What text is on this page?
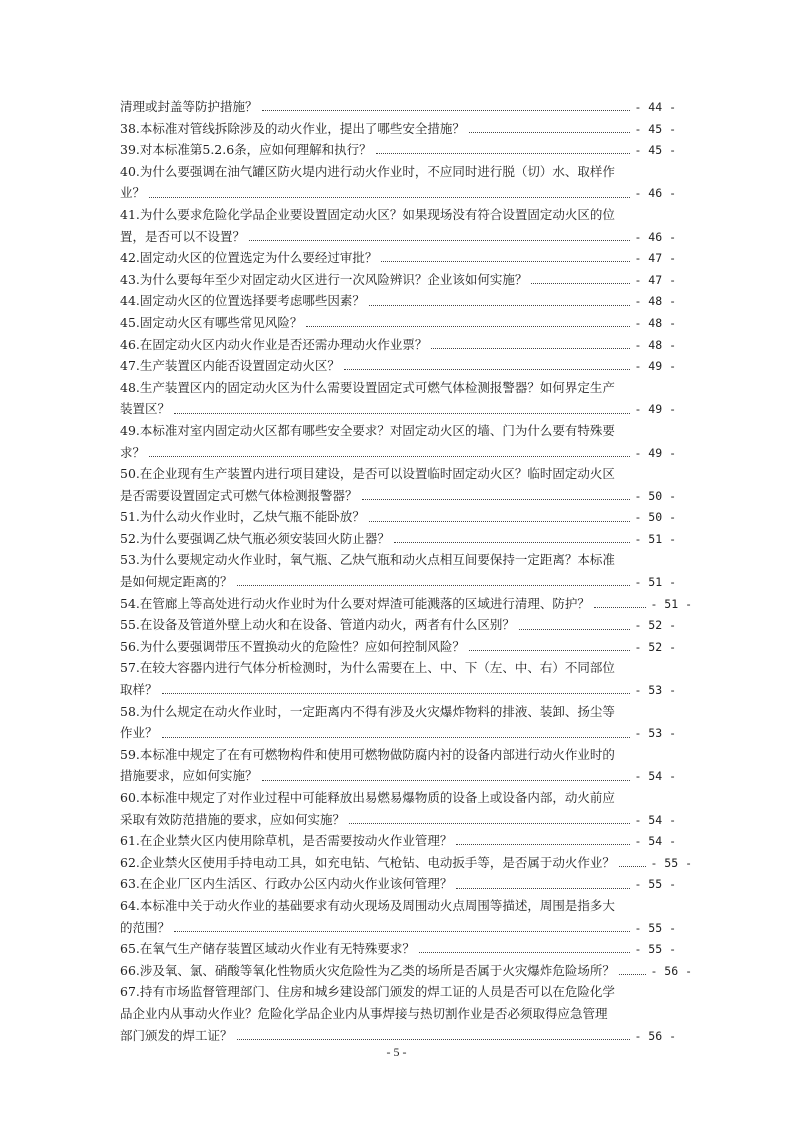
清理或封盖等防护措施？	- 44 -
38.本标准对管线拆除涉及的动火作业，提出了哪些安全措施？	- 45 -
39.对本标准第5.2.6条，应如何理解和执行？	- 45 -
40.为什么要强调在油气罐区防火堤内进行动火作业时，不应同时进行脱（切）水、取样作
业？	- 46 -
41.为什么要求危险化学品企业要设置固定动火区？如果现场没有符合设置固定动火区的位
置，是否可以不设置？	- 46 -
42.固定动火区的位置选定为什么要经过审批？	- 47 -
43.为什么要每年至少对固定动火区进行一次风险辨识？企业该如何实施？	- 47 -
44.固定动火区的位置选择要考虑哪些因素？	- 48 -
45.固定动火区有哪些常见风险？	- 48 -
46.在固定动火区内动火作业是否还需办理动火作业票？	- 48 -
47.生产装置区内能否设置固定动火区？	- 49 -
48.生产装置区内的固定动火区为什么需要设置固定式可燃气体检测报警器？如何界定生产
装置区？	- 49 -
49.本标准对室内固定动火区都有哪些安全要求？对固定动火区的墙、门为什么要有特殊要
求？	- 49 -
50.在企业现有生产装置内进行项目建设，是否可以设置临时固定动火区？临时固定动火区
是否需要设置固定式可燃气体检测报警器？	- 50 -
51.为什么动火作业时，乙炔气瓶不能卧放？	- 50 -
52.为什么要强调乙炔气瓶必须安装回火防止器？	- 51 -
53.为什么要规定动火作业时，氧气瓶、乙炔气瓶和动火点相互间要保持一定距离？本标准
是如何规定距离的？	- 51 -
54.在管廊上等高处进行动火作业时为什么要对焊渣可能溅落的区域进行清理、防护？	- 51 -
55.在设备及管道外壁上动火和在设备、管道内动火，两者有什么区别？	- 52 -
56.为什么要强调带压不置换动火的危险性？应如何控制风险？	- 52 -
57.在较大容器内进行气体分析检测时，为什么需要在上、中、下（左、中、右）不同部位
取样？	- 53 -
58.为什么规定在动火作业时，一定距离内不得有涉及火灾爆炸物料的排液、装卸、扬尘等
作业？	- 53 -
59.本标准中规定了在有可燃物构件和使用可燃物做防腐内衬的设备内部进行动火作业时的
措施要求，应如何实施？	- 54 -
60.本标准中规定了对作业过程中可能释放出易燃易爆物质的设备上或设备内部，动火前应
采取有效防范措施的要求，应如何实施？	- 54 -
61.在企业禁火区内使用除草机，是否需要按动火作业管理？	- 54 -
62.企业禁火区使用手持电动工具，如充电钻、气枪钻、电动扳手等，是否属于动火作业？	- 55 -
63.在企业厂区内生活区、行政办公区内动火作业该何管理？	- 55 -
64.本标准中关于动火作业的基础要求有动火现场及周围动火点周围等描述，周围是指多大
的范围？	- 55 -
65.在氧气生产储存装置区域动火作业有无特殊要求？	- 55 -
66.涉及氧、氯、硝酸等氧化性物质火灾危险性为乙类的场所是否属于火灾爆炸危险场所？	- 56 -
67.持有市场监督管理部门、住房和城乡建设部门颁发的焊工证的人员是否可以在危险化学
品企业内从事动火作业？危险化学品企业内从事焊接与热切割作业是否必须取得应急管理
部门颁发的焊工证？	- 56 -
- 5 -
